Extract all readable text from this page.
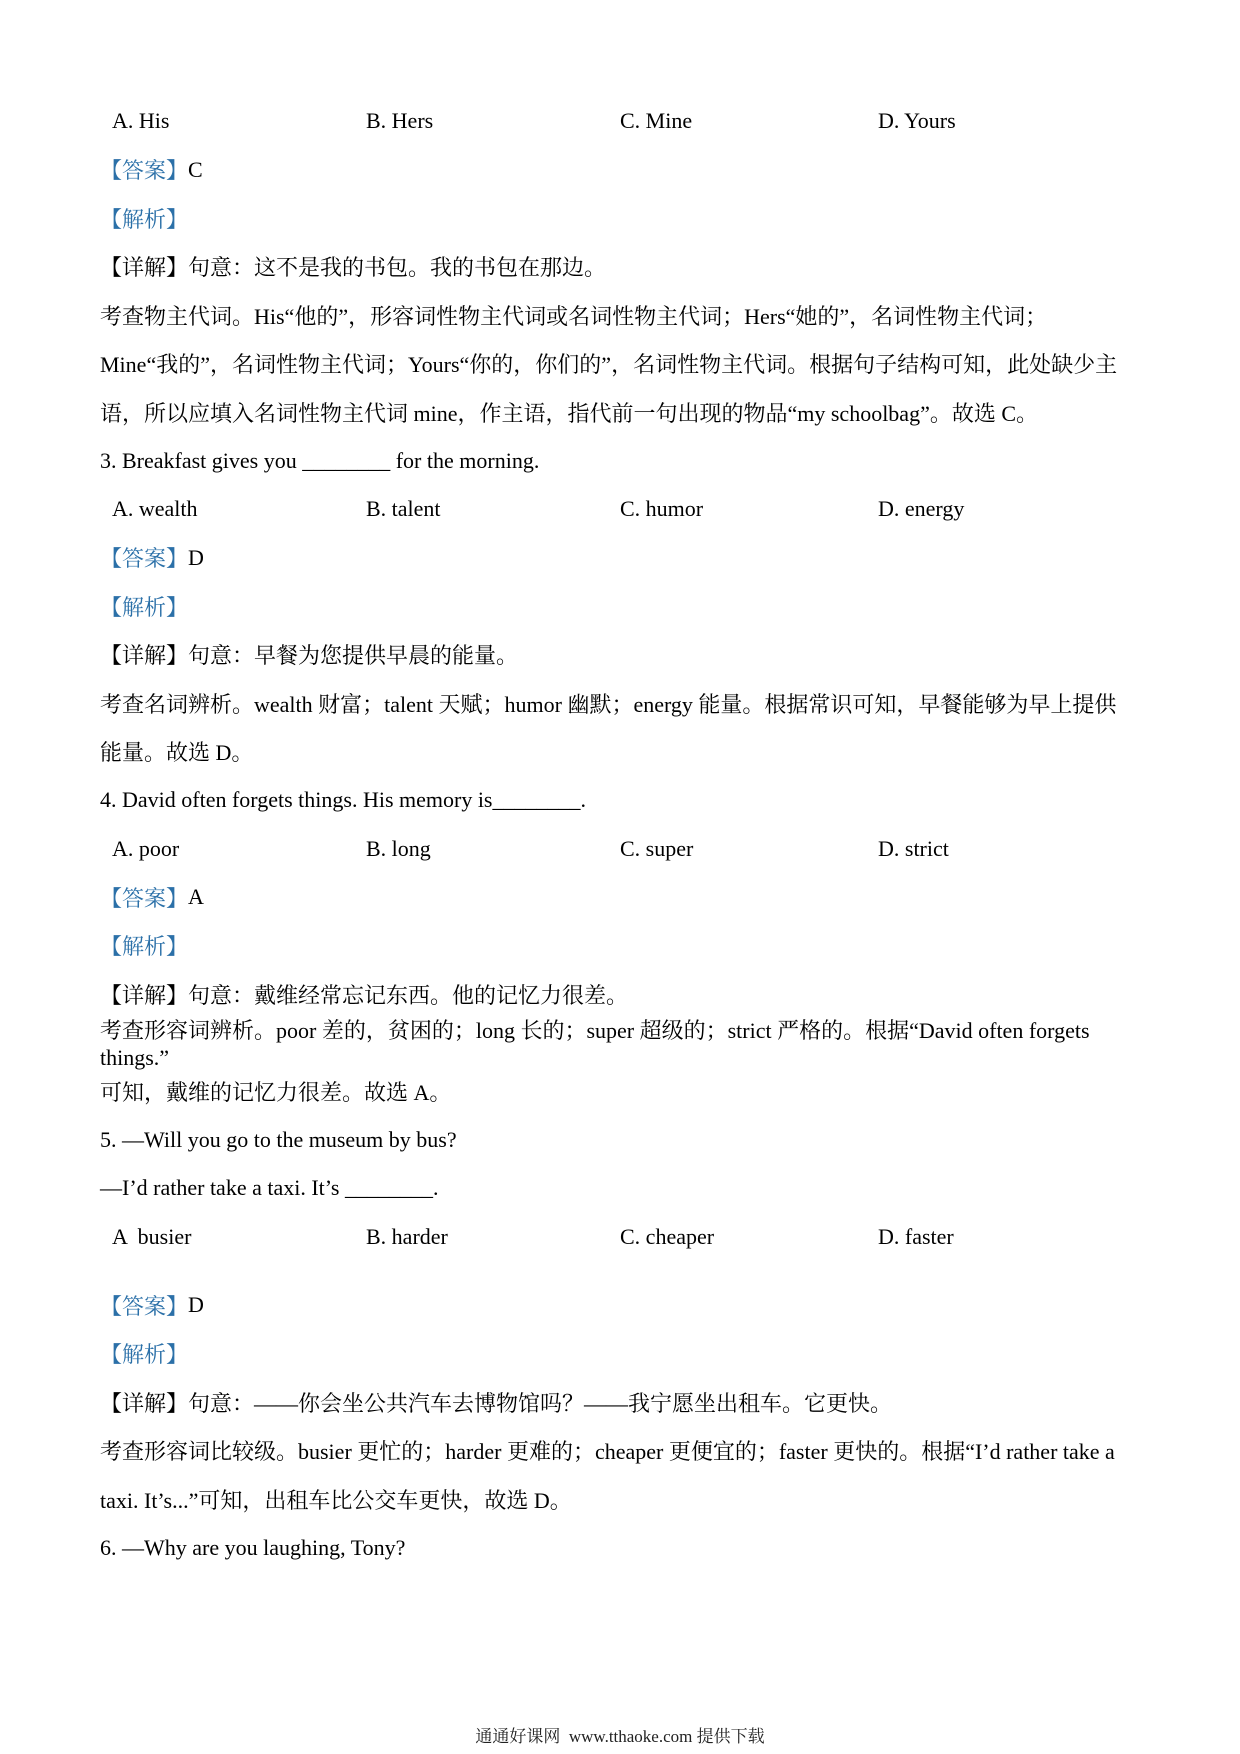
A. His	B. Hers	C. Mine	D. Yours
【答案】 C
【解析】
【详解】 句意：这不是我的书包。我的书包在那边。
考查物主代词。His“他的”，形容词性物主代词或名词性物主代词；Hers“她的”，名词性物主代词；
Mine“我的”，名词性物主代词；Yours“你的，你们的”，名词性物主代词。根据句子结构可知，此处缺少主
语，所以应填入名词性物主代词 mine，作主语，指代前一句出现的物品“my schoolbag”。故选 C。
3. Breakfast gives you ________ for the morning.
A. wealth	B. talent	C. humor	D. energy
【答案】 D
【解析】
【详解】 句意：早餐为您提供早晨的能量。
考查名词辨析。wealth 财富；talent 天赋；humor 幽默；energy 能量。根据常识可知，早餐能够为早上提供
能量。故选 D。
4. David often forgets things. His memory is________.
A. poor	B. long	C. super	D. strict
【答案】 A
【解析】
【详解】 句意：戴维经常忘记东西。他的记忆力很差。
考查形容词辨析。poor 差的，贫困的；long 长的；super 超级的；strict 严格的。根据“David often forgets things.”
可知，戴维的记忆力很差。故选 A。
5. —Will you go to the museum by bus?
—I’d rather take a taxi. It’s ________.
A  busier	B. harder	C. cheaper	D. faster
【答案】 D
【解析】
【详解】 句意：——你会坐公共汽车去博物馆吗？——我宁愿坐出租车。它更快。
考查形容词比较级。busier 更忙的；harder 更难的；cheaper 更便宜的；faster 更快的。根据“I’d rather take a
taxi. It’s...”可知，出租车比公交车更快，故选 D。
6. —Why are you laughing, Tony?
通通好课网  www.tthaoke.com 提供下载
